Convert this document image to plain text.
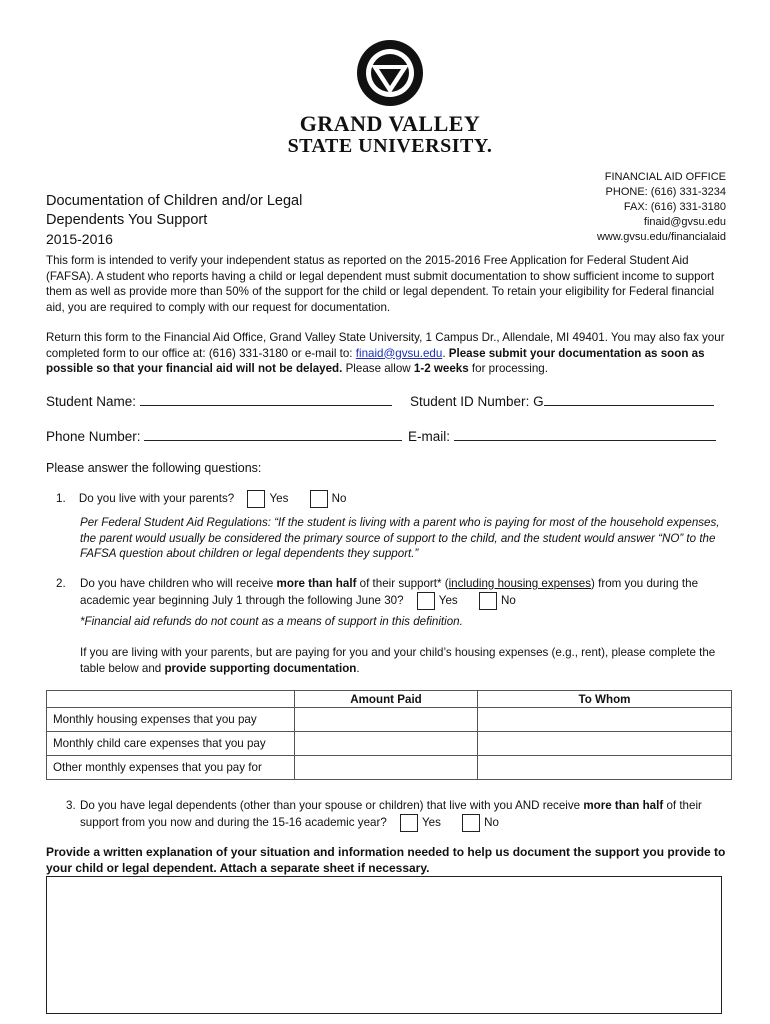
GRAND VALLEY
STATE UNIVERSITY.
FINANCIAL AID OFFICE
PHONE: (616) 331-3234
FAX: (616) 331-3180
finaid@gvsu.edu
www.gvsu.edu/financialaid
Documentation of Children and/or Legal
Dependents You Support
2015-2016
This form is intended to verify your independent status as reported on the 2015-2016 Free Application for Federal Student Aid (FAFSA). A student who reports having a child or legal dependent must submit documentation to show sufficient income to support them as well as provide more than 50% of the support for the child or legal dependent. To retain your eligibility for Federal financial aid, you are required to comply with our request for documentation.
Return this form to the Financial Aid Office, Grand Valley State University, 1 Campus Dr., Allendale, MI 49401. You may also fax your completed form to our office at: (616) 331-3180 or e-mail to: finaid@gvsu.edu. Please submit your documentation as soon as possible so that your financial aid will not be delayed. Please allow 1-2 weeks for processing.
Student Name:	Student ID Number: G
Phone Number:	E-mail:
Please answer the following questions:
1. Do you live with your parents?	Yes	No
Per Federal Student Aid Regulations: “If the student is living with a parent who is paying for most of the household expenses, the parent would usually be considered the primary source of support to the child, and the student would answer “NO” to the FAFSA question about children or legal dependents they support.”
2. Do you have children who will receive more than half of their support* (including housing expenses) from you during the academic year beginning July 1 through the following June 30?	Yes	No
*Financial aid refunds do not count as a means of support in this definition.
If you are living with your parents, but are paying for you and your child’s housing expenses (e.g., rent), please complete the table below and provide supporting documentation.
	Amount Paid	To Whom
Monthly housing expenses that you pay		
Monthly child care expenses that you pay		
Other monthly expenses that you pay for		
3. Do you have legal dependents (other than your spouse or children) that live with you AND receive more than half of their support from you now and during the 15-16 academic year?	Yes	No
Provide a written explanation of your situation and information needed to help us document the support you provide to your child or legal dependent. Attach a separate sheet if necessary.
